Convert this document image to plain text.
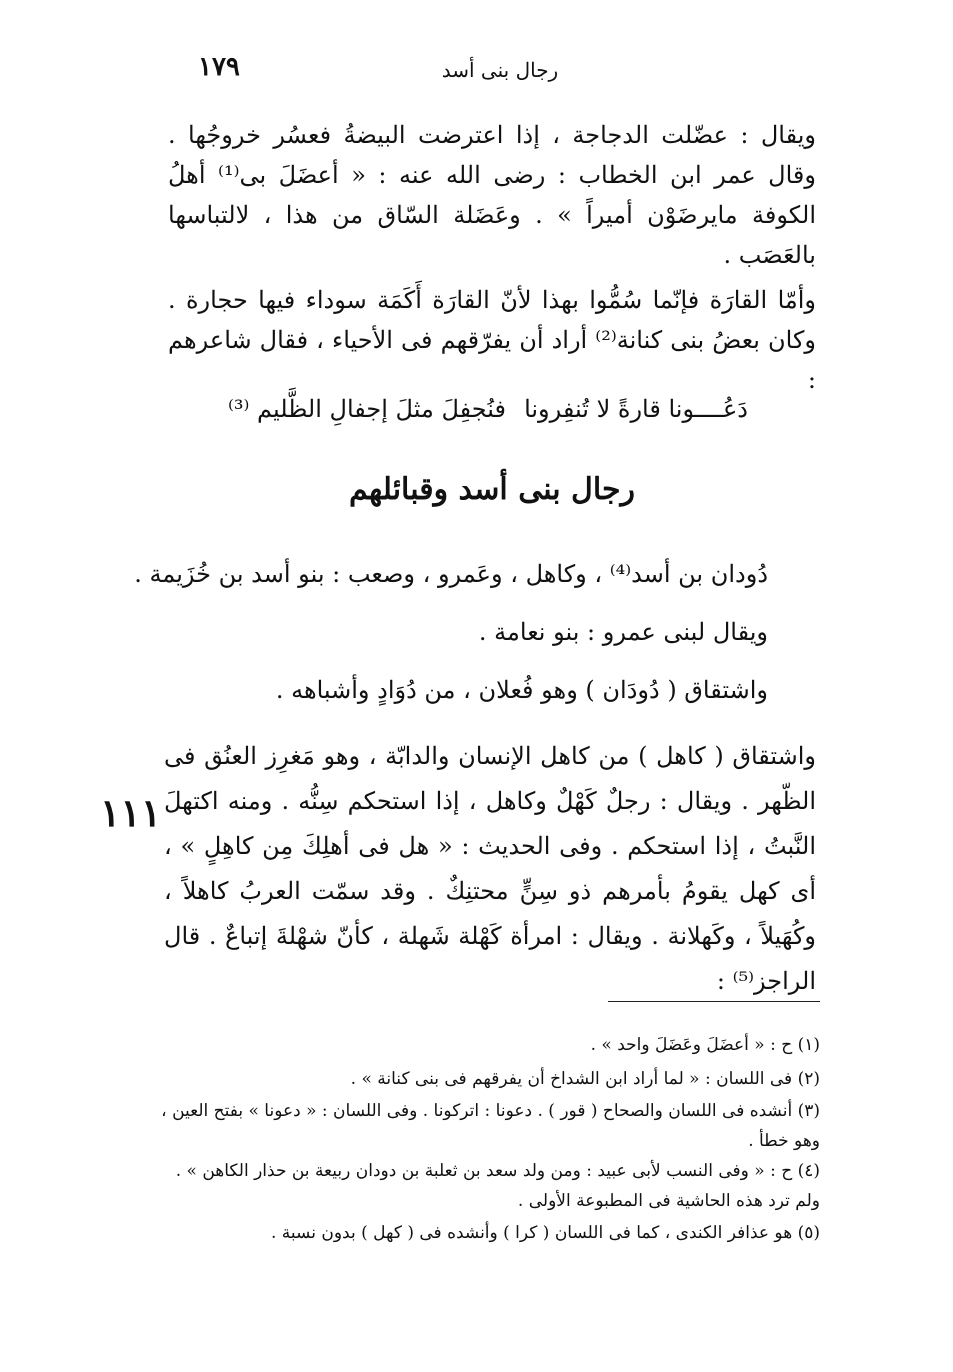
١٧٩	رجال بنى أسد
ويقال : عضّلت الدجاجة ، إذا اعترضت البيضةُ فعسُر خروجُها . وقال عمر ابن الخطاب : رضى الله عنه : « أعضَلَ بى⁽¹⁾ أهلُ الكوفة مايرضَوْن أميراً » . وعَضَلة السّاق من هذا ، لالتباسها بالعَصَب .
وأمّا القارَة فإنّما سُمُّوا بهذا لأنّ القارَة أَكَمَة سوداء فيها حجارة . وكان بعضُ بنى كنانة⁽²⁾ أراد أن يفرّقهم فى الأحياء ، فقال شاعرهم :
دَعُــــونا قارةً لا تُنفِرونا
فنُجفِلَ مثلَ إجفالِ الظَّليم ⁽³⁾
رجال بنى أسد وقبائلهم
دُودان بن أسد⁽⁴⁾ ، وكاهل ، وعَمرو ، وصعب : بنو أسد بن خُزَيمة .
ويقال لبنى عمرو : بنو نعامة .
واشتقاق ( دُودَان ) وهو فُعلان ، من دُوَادٍ وأشباهه .
واشتقاق ( كاهل ) من كاهل الإنسان والدابّة ، وهو مَغرِز العنُق فى الظّهر . ويقال : رجلٌ كَهْلٌ وكاهل ، إذا استحكم سِنُّه . ومنه اكتهلَ النَّبتُ ، إذا استحكم . وفى الحديث : « هل فى أهلِكَ مِن كاهِلٍ » ، أى كهل يقومُ بأمرهم ذو سِنٍّ محتنِكٌ . وقد سمّت العربُ كاهلاً ، وكُهَيلاً ، وكَهلانة . ويقال : امرأة كَهْلة شَهلة ، كأنّ شهْلةَ إتباعٌ . قال الراجز⁽⁵⁾ :
١١١
(١) ح : « أعضَلَ وعَضَلَ واحد » .
(٢) فى اللسان : « لما أراد ابن الشداخ أن يفرقهم فى بنى كنانة » .
(٣) أنشده فى اللسان والصحاح ( قور ) . دعونا : اتركونا . وفى اللسان : « دعونا » بفتح العين ، وهو خطأ .
(٤) ح : « وفى النسب لأبى عبيد : ومن ولد سعد بن ثعلبة بن دودان ربيعة بن حذار الكاهن » . ولم ترد هذه الحاشية فى المطبوعة الأولى .
(٥) هو عذافر الكندى ، كما فى اللسان ( كرا ) وأنشده فى ( كهل ) بدون نسبة .
